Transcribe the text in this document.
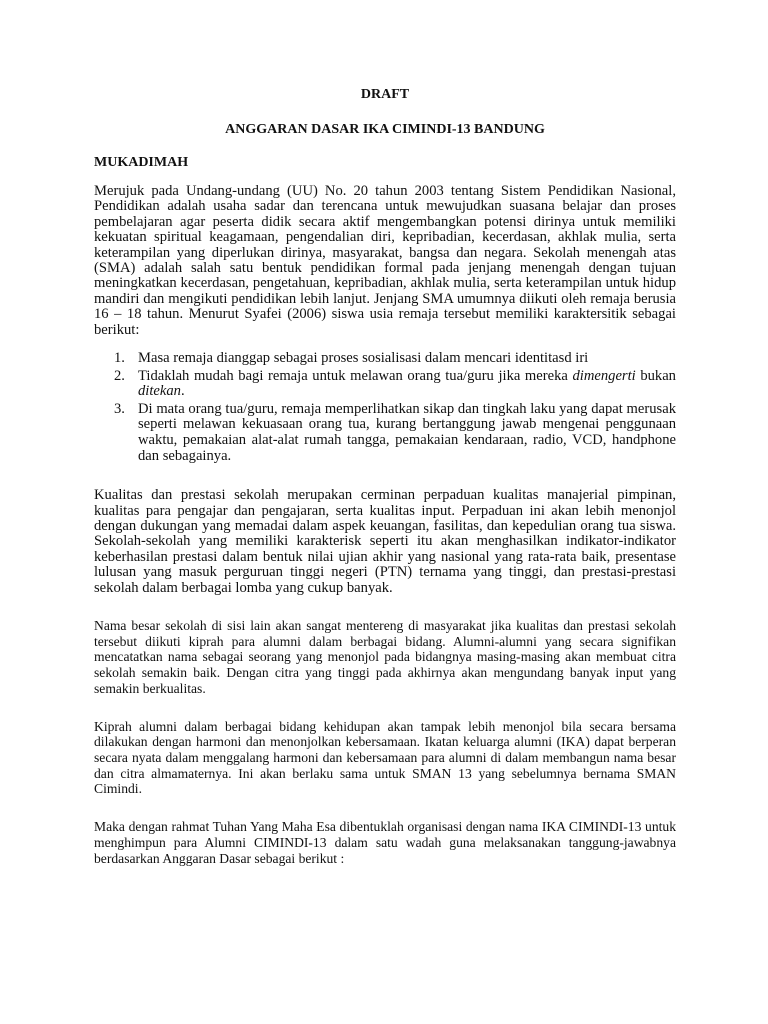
DRAFT

ANGGARAN DASAR IKA CIMINDI-13 BANDUNG

MUKADIMAH

Merujuk pada Undang-undang (UU) No. 20 tahun 2003 tentang Sistem Pendidikan Nasional, Pendidikan adalah usaha sadar dan terencana untuk mewujudkan suasana belajar dan proses pembelajaran agar peserta didik secara aktif mengembangkan potensi dirinya untuk memiliki kekuatan spiritual keagamaan, pengendalian diri, kepribadian, kecerdasan, akhlak mulia, serta keterampilan yang diperlukan dirinya, masyarakat, bangsa dan negara. Sekolah menengah atas (SMA) adalah salah satu bentuk pendidikan formal pada jenjang menengah dengan tujuan meningkatkan kecerdasan, pengetahuan, kepribadian, akhlak mulia, serta keterampilan untuk hidup mandiri dan mengikuti pendidikan lebih lanjut. Jenjang SMA umumnya diikuti oleh remaja berusia 16 – 18 tahun. Menurut Syafei (2006) siswa usia remaja tersebut memiliki karaktersitik sebagai berikut:

1. Masa remaja dianggap sebagai proses sosialisasi dalam mencari identitasd iri
2. Tidaklah mudah bagi remaja untuk melawan orang tua/guru jika mereka dimengerti bukan ditekan.
3. Di mata orang tua/guru, remaja memperlihatkan sikap dan tingkah laku yang dapat merusak seperti melawan kekuasaan orang tua, kurang bertanggung jawab mengenai penggunaan waktu, pemakaian alat-alat rumah tangga, pemakaian kendaraan, radio, VCD, handphone dan sebagainya.

Kualitas dan prestasi sekolah merupakan cerminan perpaduan kualitas manajerial pimpinan, kualitas para pengajar dan pengajaran, serta kualitas input. Perpaduan ini akan lebih menonjol dengan dukungan yang memadai dalam aspek keuangan, fasilitas, dan kepedulian orang tua siswa. Sekolah-sekolah yang memiliki karakterisk seperti itu akan menghasilkan indikator-indikator keberhasilan prestasi dalam bentuk nilai ujian akhir yang nasional yang rata-rata baik, presentase lulusan yang masuk perguruan tinggi negeri (PTN) ternama yang tinggi, dan prestasi-prestasi sekolah dalam berbagai lomba yang cukup banyak.

Nama besar sekolah di sisi lain akan sangat mentereng di masyarakat jika kualitas dan prestasi sekolah tersebut diikuti kiprah para alumni dalam berbagai bidang. Alumni-alumni yang secara signifikan mencatatkan nama sebagai seorang yang menonjol pada bidangnya masing-masing akan membuat citra sekolah semakin baik. Dengan citra yang tinggi pada akhirnya akan mengundang banyak input yang semakin berkualitas.

Kiprah alumni dalam berbagai bidang kehidupan akan tampak lebih menonjol bila secara bersama dilakukan dengan harmoni dan menonjolkan kebersamaan. Ikatan keluarga alumni (IKA) dapat berperan secara nyata dalam menggalang harmoni dan kebersamaan para alumni di dalam membangun nama besar dan citra almamaternya. Ini akan berlaku sama untuk SMAN 13 yang sebelumnya bernama SMAN Cimindi.

Maka dengan rahmat Tuhan Yang Maha Esa dibentuklah organisasi dengan nama IKA CIMINDI-13 untuk menghimpun para Alumni CIMINDI-13 dalam satu wadah guna melaksanakan tanggung-jawabnya berdasarkan Anggaran Dasar sebagai berikut :
